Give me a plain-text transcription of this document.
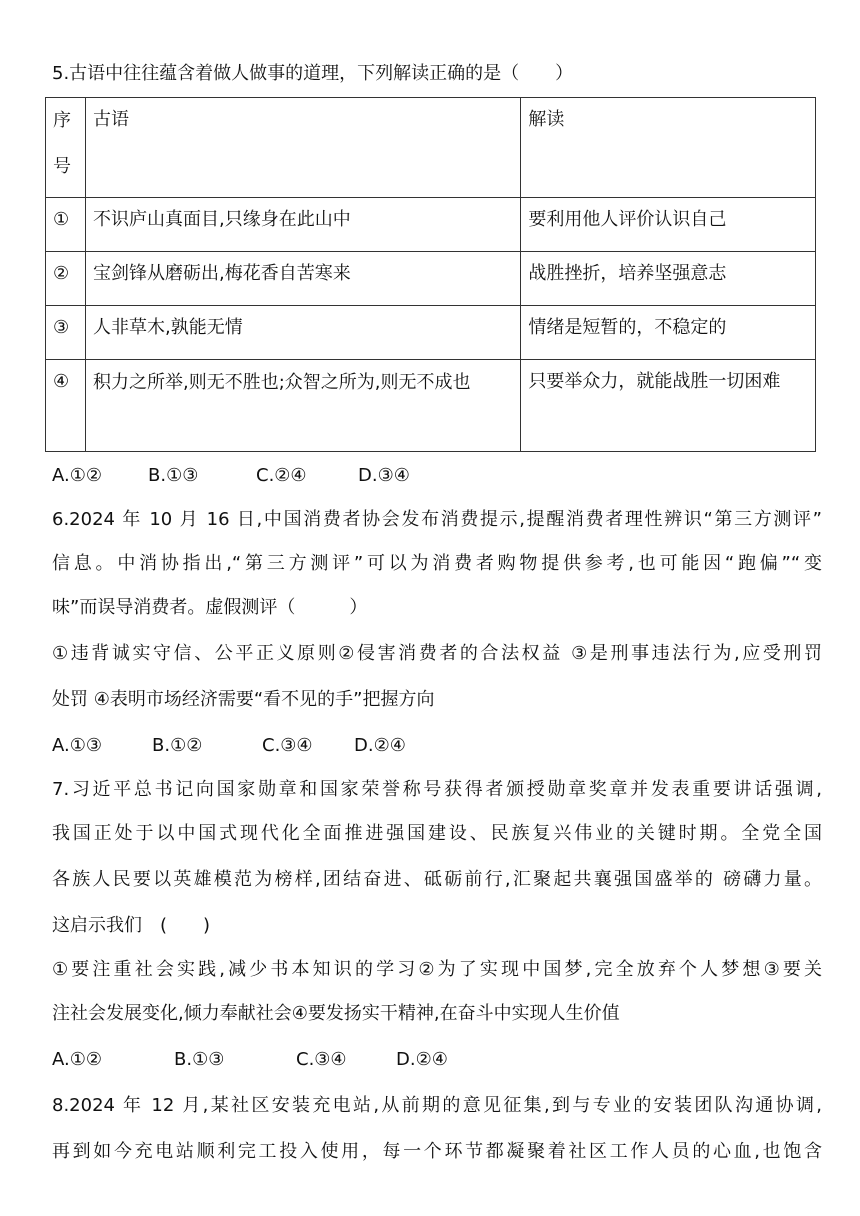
5.古语中往往蕴含着做人做事的道理，下列解读正确的是（　　）
序号	古语	解读
①	不识庐山真面目,只缘身在此山中	要利用他人评价认识自己
②	宝剑锋从磨砺出,梅花香自苦寒来	战胜挫折，培养坚强意志
③	人非草木,孰能无情	情绪是短暂的，不稳定的
④	积力之所举,则无不胜也;众智之所为,则无不成也	只要举众力，就能战胜一切困难
A.①②	B.①③	C.②④	D.③④
6.2024 年 10 月 16 日,中国消费者协会发布消费提示,提醒消费者理性辨识“第三方测评”
信息。中消协指出,“第三方测评”可以为消费者购物提供参考,也可能因“跑偏”“变
味”而误导消费者。虚假测评（　　　）
①违背诚实守信、公平正义原则②侵害消费者的合法权益 ③是刑事违法行为,应受刑罚
处罚 ④表明市场经济需要“看不见的手”把握方向
A.①③	B.①②	C.③④ D.②④
7.习近平总书记向国家勋章和国家荣誉称号获得者颁授勋章奖章并发表重要讲话强调,
我国正处于以中国式现代化全面推进强国建设、民族复兴伟业的关键时期。全党全国
各族人民要以英雄模范为榜样,团结奋进、砥砺前行,汇聚起共襄强国盛举的 磅礴力量。
这启示我们　(　　)
①要注重社会实践,减少书本知识的学习②为了实现中国梦,完全放弃个人梦想③要关
注社会发展变化,倾力奉献社会④要发扬实干精神,在奋斗中实现人生价值
A.①②	B.①③	C.③④	D.②④
8.2024 年 12 月,某社区安装充电站,从前期的意见征集,到与专业的安装团队沟通协调,
再到如今充电站顺利完工投入使用，每一个环节都凝聚着社区工作人员的心血,也饱含
